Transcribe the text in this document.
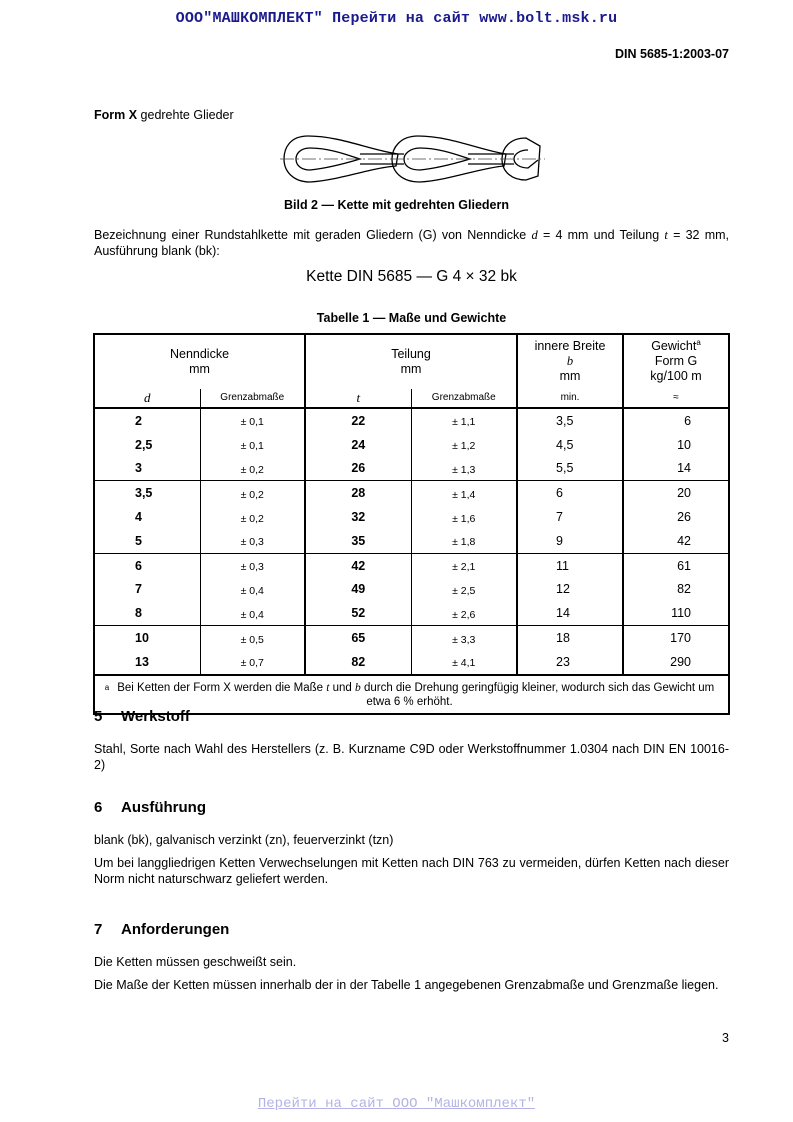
ООО"МАШКОМПЛЕКТ" Перейти на сайт www.bolt.msk.ru
DIN 5685-1:2003-07
Form X gedrehte Glieder
Bild 2 — Kette mit gedrehten Gliedern
Bezeichnung einer Rundstahlkette mit geraden Gliedern (G) von Nenndicke d = 4 mm und Teilung t = 32 mm, Ausführung blank (bk):
Kette DIN 5685 — G 4 × 32 bk
Tabelle 1 — Maße und Gewichte
Nenndicke
mm		Teilung
mm		innere Breite
b
mm	Gewicht$^a$
Form G
kg/100 m
d	Grenzabmaße	t	Grenzabmaße	min.	≈
2	± 0,1	22	± 1,1	3,5	6
2,5	± 0,1	24	± 1,2	4,5	10
3	± 0,2	26	± 1,3	5,5	14
3,5	± 0,2	28	± 1,4	6	20
4	± 0,2	32	± 1,6	7	26
5	± 0,3	35	± 1,8	9	42
6	± 0,3	42	± 2,1	11	61
7	± 0,4	49	± 2,5	12	82
8	± 0,4	52	± 2,6	14	110
10	± 0,5	65	± 3,3	18	170
13	± 0,7	82	± 4,1	23	290
$^a$ Bei Ketten der Form X werden die Maße t und b durch die Drehung geringfügig kleiner, wodurch sich das Gewicht um etwa 6 % erhöht.					
5 Werkstoff
Stahl, Sorte nach Wahl des Herstellers (z. B. Kurzname C9D oder Werkstoffnummer 1.0304 nach DIN EN 10016-2)
6 Ausführung
blank (bk), galvanisch verzinkt (zn), feuerverzinkt (tzn)
Um bei langgliedrigen Ketten Verwechselungen mit Ketten nach DIN 763 zu vermeiden, dürfen Ketten nach dieser Norm nicht naturschwarz geliefert werden.
7 Anforderungen
Die Ketten müssen geschweißt sein.
Die Maße der Ketten müssen innerhalb der in der Tabelle 1 angegebenen Grenzabmaße und Grenzmaße liegen.
3
Перейти на сайт ООО "Машкомплект"
